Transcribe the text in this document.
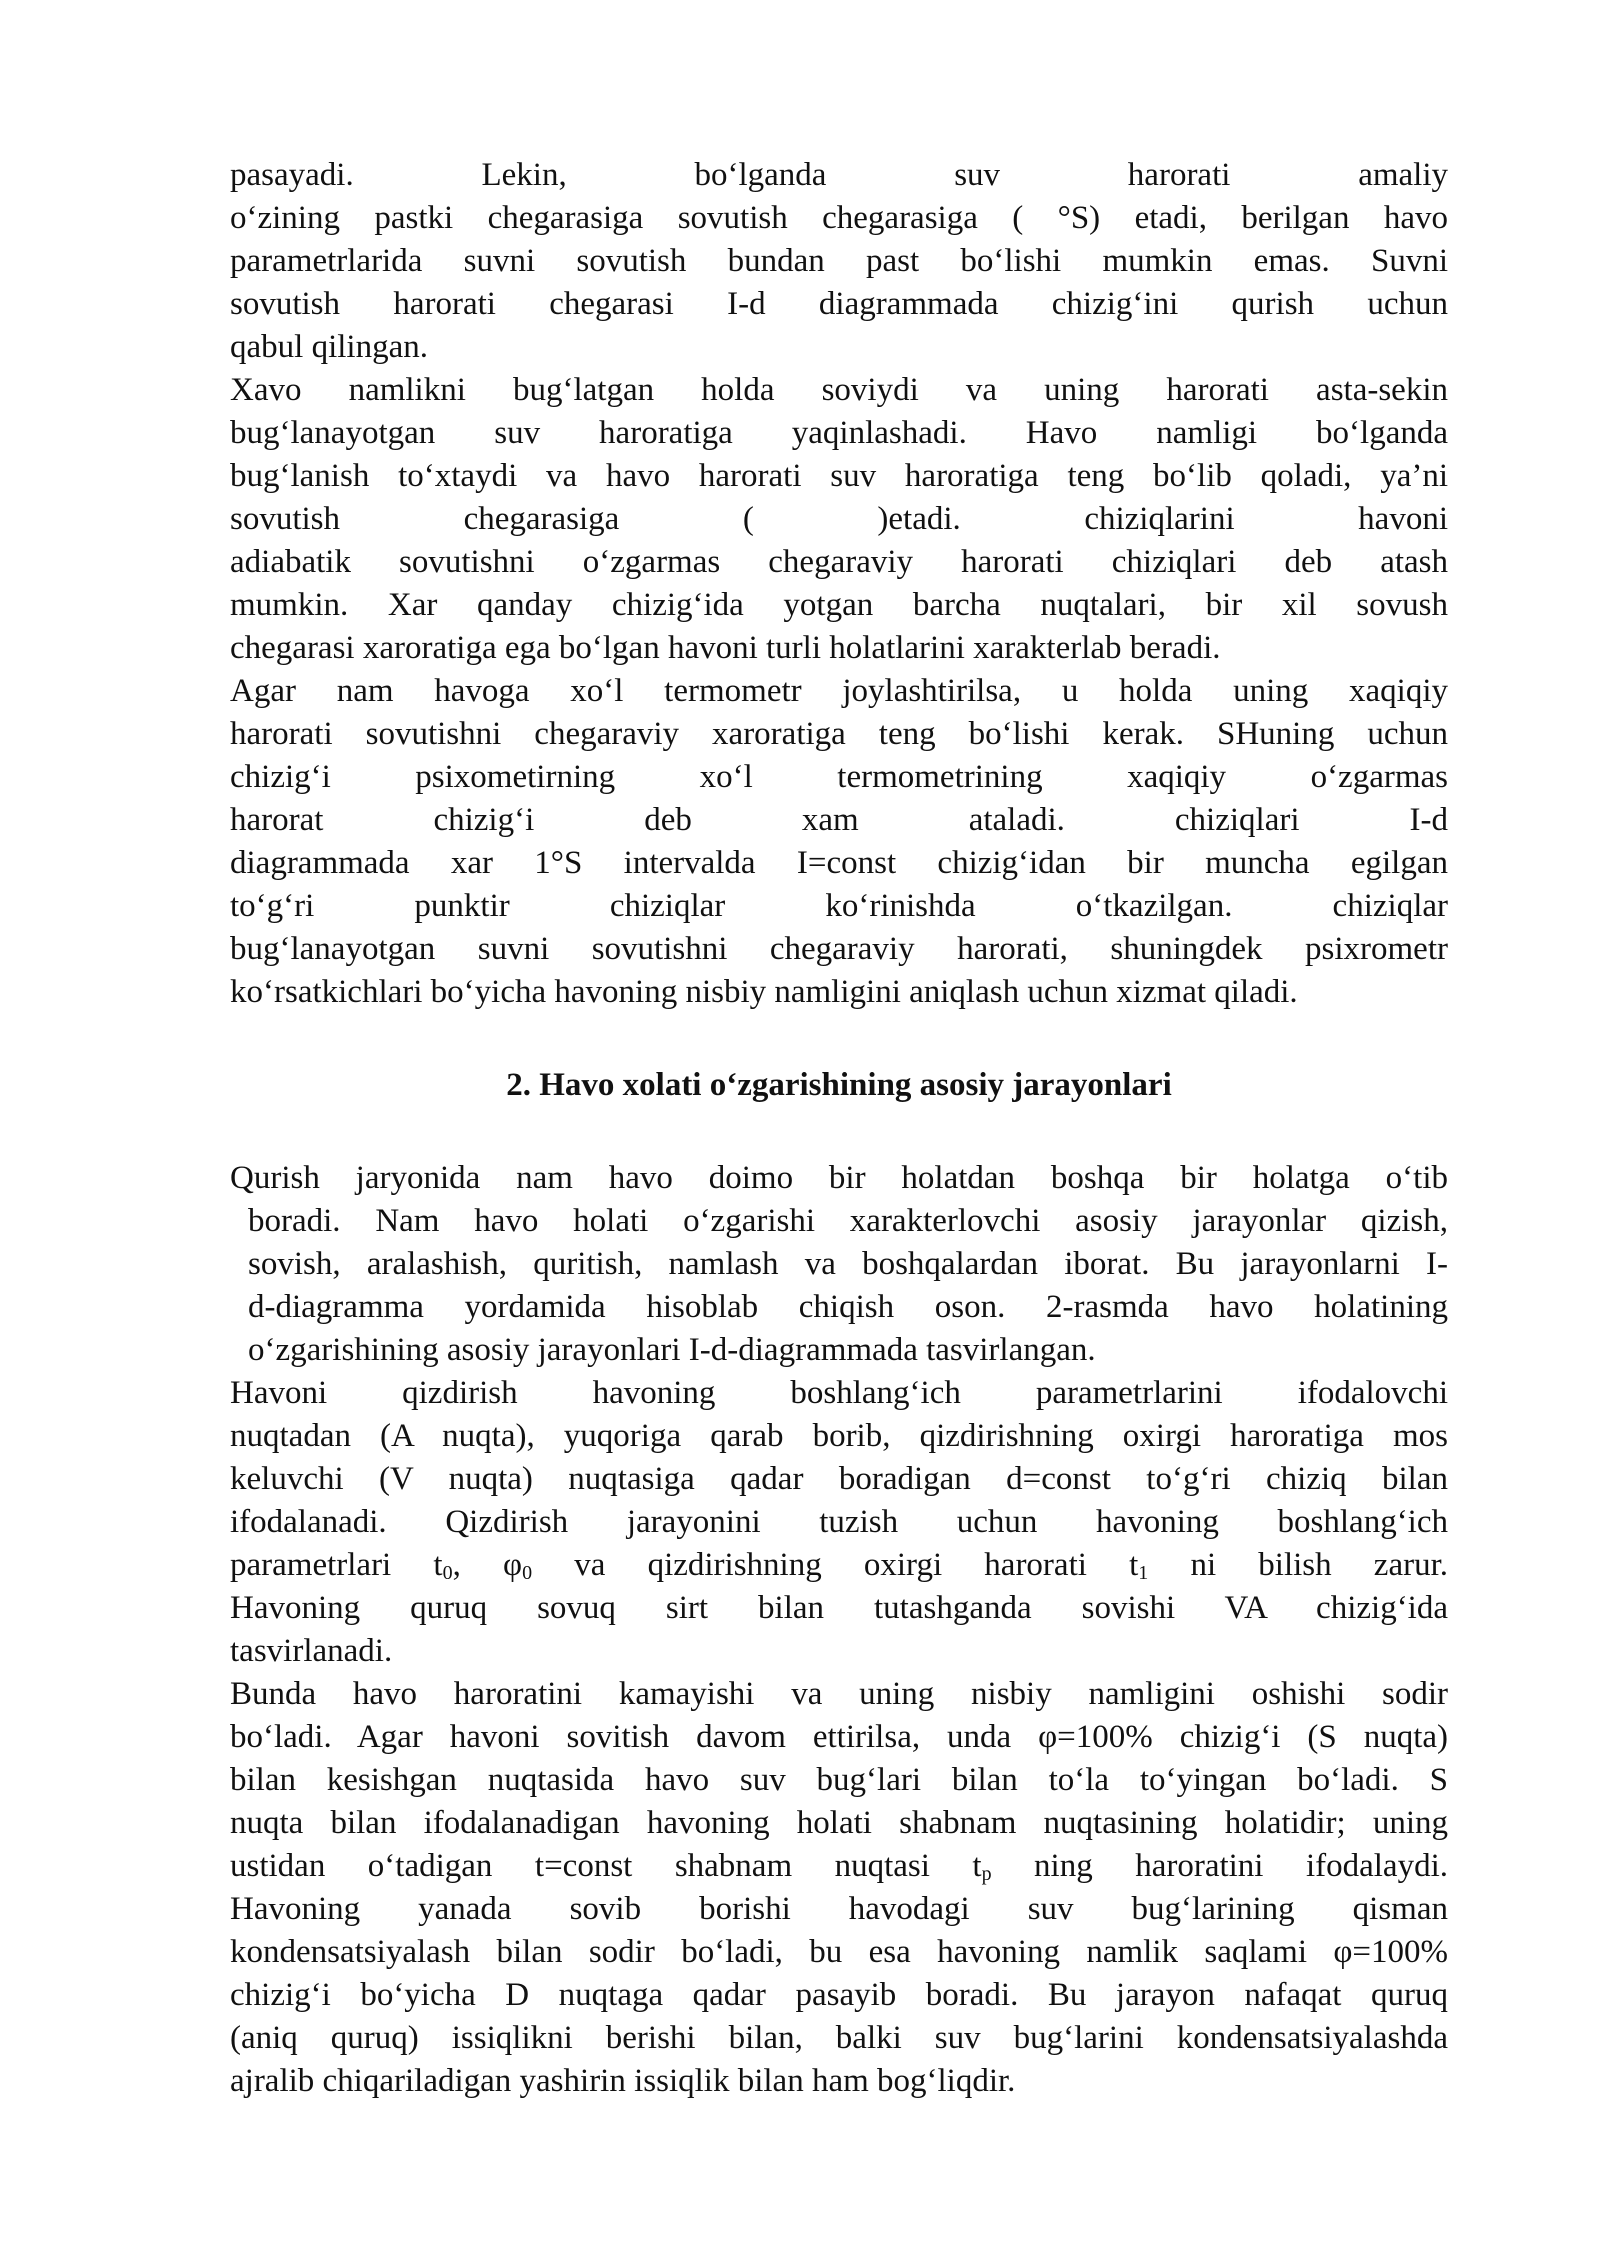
pasayadi. Lekin, bo‘lganda suv harorati amaliy
o‘zining pastki chegarasiga sovutish chegarasiga ( °S) etadi, berilgan havo
parametrlarida suvni sovutish bundan past bo‘lishi mumkin emas. Suvni
sovutish harorati chegarasi I-d diagrammada chizig‘ini qurish uchun
qabul qilingan.
Xavo namlikni bug‘latgan holda soviydi va uning harorati asta-sekin
bug‘lanayotgan suv haroratiga yaqinlashadi. Havo namligi bo‘lganda
bug‘lanish to‘xtaydi va havo harorati suv haroratiga teng bo‘lib qoladi, ya’ni
sovutish chegarasiga ( )etadi. chiziqlarini havoni
adiabatik sovutishni o‘zgarmas chegaraviy harorati chiziqlari deb atash
mumkin. Xar qanday chizig‘ida yotgan barcha nuqtalari, bir xil sovush
chegarasi xaroratiga ega bo‘lgan havoni turli holatlarini xarakterlab beradi.
Agar nam havoga xo‘l termometr joylashtirilsa, u holda uning xaqiqiy
harorati sovutishni chegaraviy xaroratiga teng bo‘lishi kerak. SHuning uchun
chizig‘i psixometirning xo‘l termometrining xaqiqiy o‘zgarmas
harorat chizig‘i deb xam ataladi. chiziqlari I-d
diagrammada xar 1°S intervalda I=const chizig‘idan bir muncha egilgan
to‘g‘ri punktir chiziqlar ko‘rinishda o‘tkazilgan. chiziqlar
bug‘lanayotgan suvni sovutishni chegaraviy harorati, shuningdek psixrometr
ko‘rsatkichlari bo‘yicha havoning nisbiy namligini aniqlash uchun xizmat qiladi.
2. Havo xolati o‘zgarishining asosiy jarayonlari
Qurish jaryonida nam havo doimo bir holatdan boshqa bir holatga o‘tib
boradi. Nam havo holati o‘zgarishi xarakterlovchi asosiy jarayonlar qizish,
sovish, aralashish, quritish, namlash va boshqalardan iborat. Bu jarayonlarni I-
d-diagramma yordamida hisoblab chiqish oson. 2-rasmda havo holatining
o‘zgarishining asosiy jarayonlari I-d-diagrammada tasvirlangan.
Havoni qizdirish havoning boshlang‘ich parametrlarini ifodalovchi
nuqtadan (A nuqta), yuqoriga qarab borib, qizdirishning oxirgi haroratiga mos
keluvchi (V nuqta) nuqtasiga qadar boradigan d=const to‘g‘ri chiziq bilan
ifodalanadi. Qizdirish jarayonini tuzish uchun havoning boshlang‘ich
parametrlari $t_0$, $\varphi_0$ va qizdirishning oxirgi harorati $t_1$ ni bilish zarur.
Havoning quruq sovuq sirt bilan tutashganda sovishi VA chizig‘ida
tasvirlanadi.
Bunda havo haroratini kamayishi va uning nisbiy namligini oshishi sodir
bo‘ladi. Agar havoni sovitish davom ettirilsa, unda φ=100% chizig‘i (S nuqta)
bilan kesishgan nuqtasida havo suv bug‘lari bilan to‘la to‘yingan bo‘ladi. S
nuqta bilan ifodalanadigan havoning holati shabnam nuqtasining holatidir; uning
ustidan o‘tadigan t=const shabnam nuqtasi $t_p$ ning haroratini ifodalaydi.
Havoning yanada sovib borishi havodagi suv bug‘larining qisman
kondensatsiyalash bilan sodir bo‘ladi, bu esa havoning namlik saqlami φ=100%
chizig‘i bo‘yicha D nuqtaga qadar pasayib boradi. Bu jarayon nafaqat quruq
(aniq quruq) issiqlikni berishi bilan, balki suv bug‘larini kondensatsiyalashda
ajralib chiqariladigan yashirin issiqlik bilan ham bog‘liqdir.
